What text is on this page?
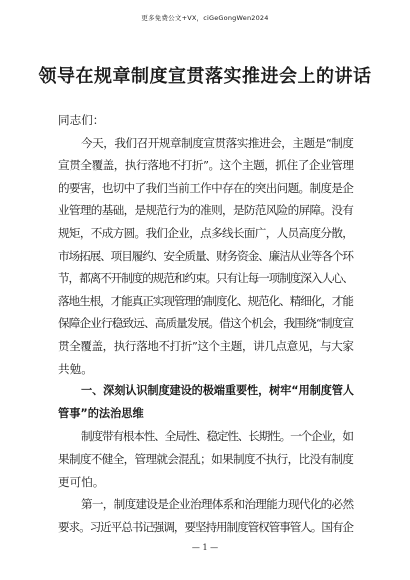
更多免费公文+VX，ciGeGongWen2024
领导在规章制度宣贯落实推进会上的讲话
同志们：
今天，我们召开规章制度宣贯落实推进会，主题是“制度
宣贯全覆盖，执行落地不打折”。这个主题，抓住了企业管理
的要害，也切中了我们当前工作中存在的突出问题。制度是企
业管理的基础，是规范行为的准则，是防范风险的屏障。没有
规矩，不成方圆。我们企业，点多线长面广，人员高度分散，
市场拓展、项目履约、安全质量、财务资金、廉洁从业等各个环
节，都离不开制度的规范和约束。只有让每一项制度深入人心、
落地生根，才能真正实现管理的制度化、规范化、精细化，才能
保障企业行稳致远、高质量发展。借这个机会，我围绕“制度宣
贯全覆盖，执行落地不打折”这个主题，讲几点意见，与大家
共勉。
一、深刻认识制度建设的极端重要性，树牢“用制度管人
管事”的法治思维
制度带有根本性、全局性、稳定性、长期性。一个企业，如
果制度不健全，管理就会混乱；如果制度不执行，比没有制度
更可怕。
第一，制度建设是企业治理体系和治理能力现代化的必然
要求。习近平总书记强调，要坚持用制度管权管事管人。国有企
— 1 —
